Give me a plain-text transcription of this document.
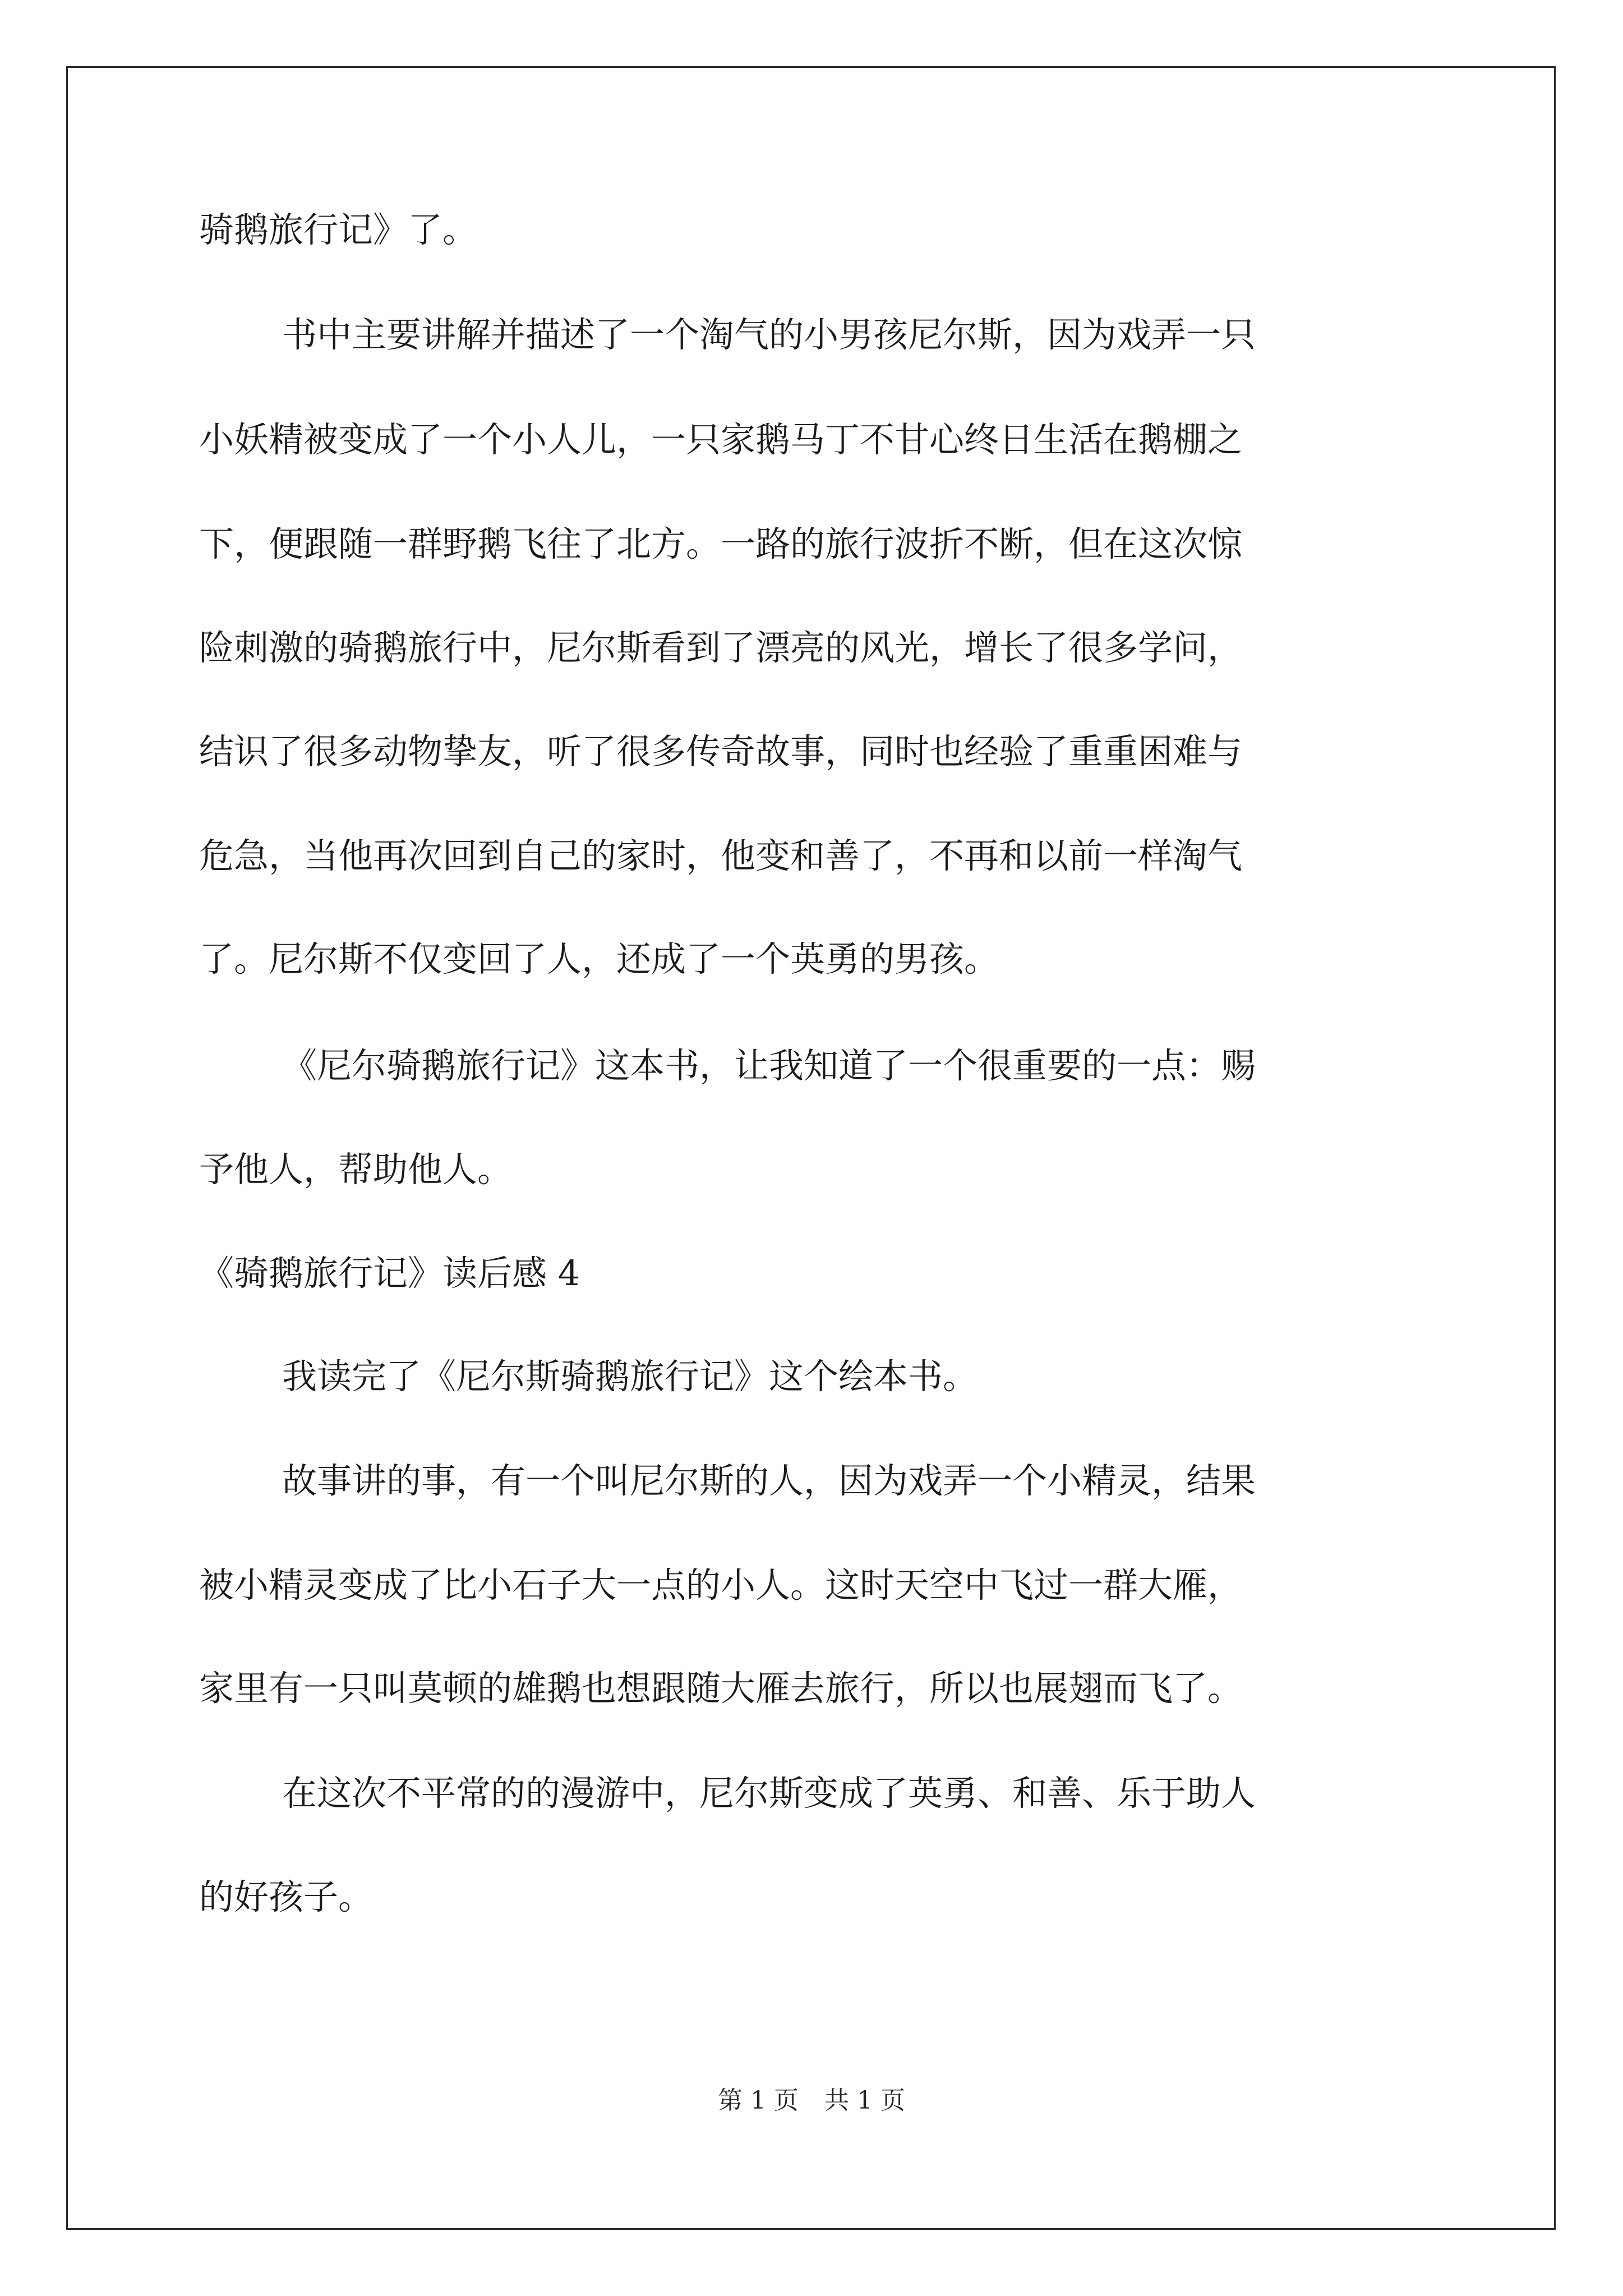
骑鹅旅行记》了。
书中主要讲解并描述了一个淘气的小男孩尼尔斯，因为戏弄一只
小妖精被变成了一个小人儿，一只家鹅马丁不甘心终日生活在鹅棚之
下，便跟随一群野鹅飞往了北方。一路的旅行波折不断，但在这次惊
险刺激的骑鹅旅行中，尼尔斯看到了漂亮的风光，增长了很多学问，
结识了很多动物挚友，听了很多传奇故事，同时也经验了重重困难与
危急，当他再次回到自己的家时，他变和善了，不再和以前一样淘气
了。尼尔斯不仅变回了人，还成了一个英勇的男孩。
《尼尔骑鹅旅行记》这本书，让我知道了一个很重要的一点：赐
予他人，帮助他人。
《骑鹅旅行记》读后感 4
我读完了《尼尔斯骑鹅旅行记》这个绘本书。
故事讲的事，有一个叫尼尔斯的人，因为戏弄一个小精灵，结果
被小精灵变成了比小石子大一点的小人。这时天空中飞过一群大雁，
家里有一只叫莫顿的雄鹅也想跟随大雁去旅行，所以也展翅而飞了。
在这次不平常的的漫游中，尼尔斯变成了英勇、和善、乐于助人
的好孩子。
第 1 页 共 1 页
